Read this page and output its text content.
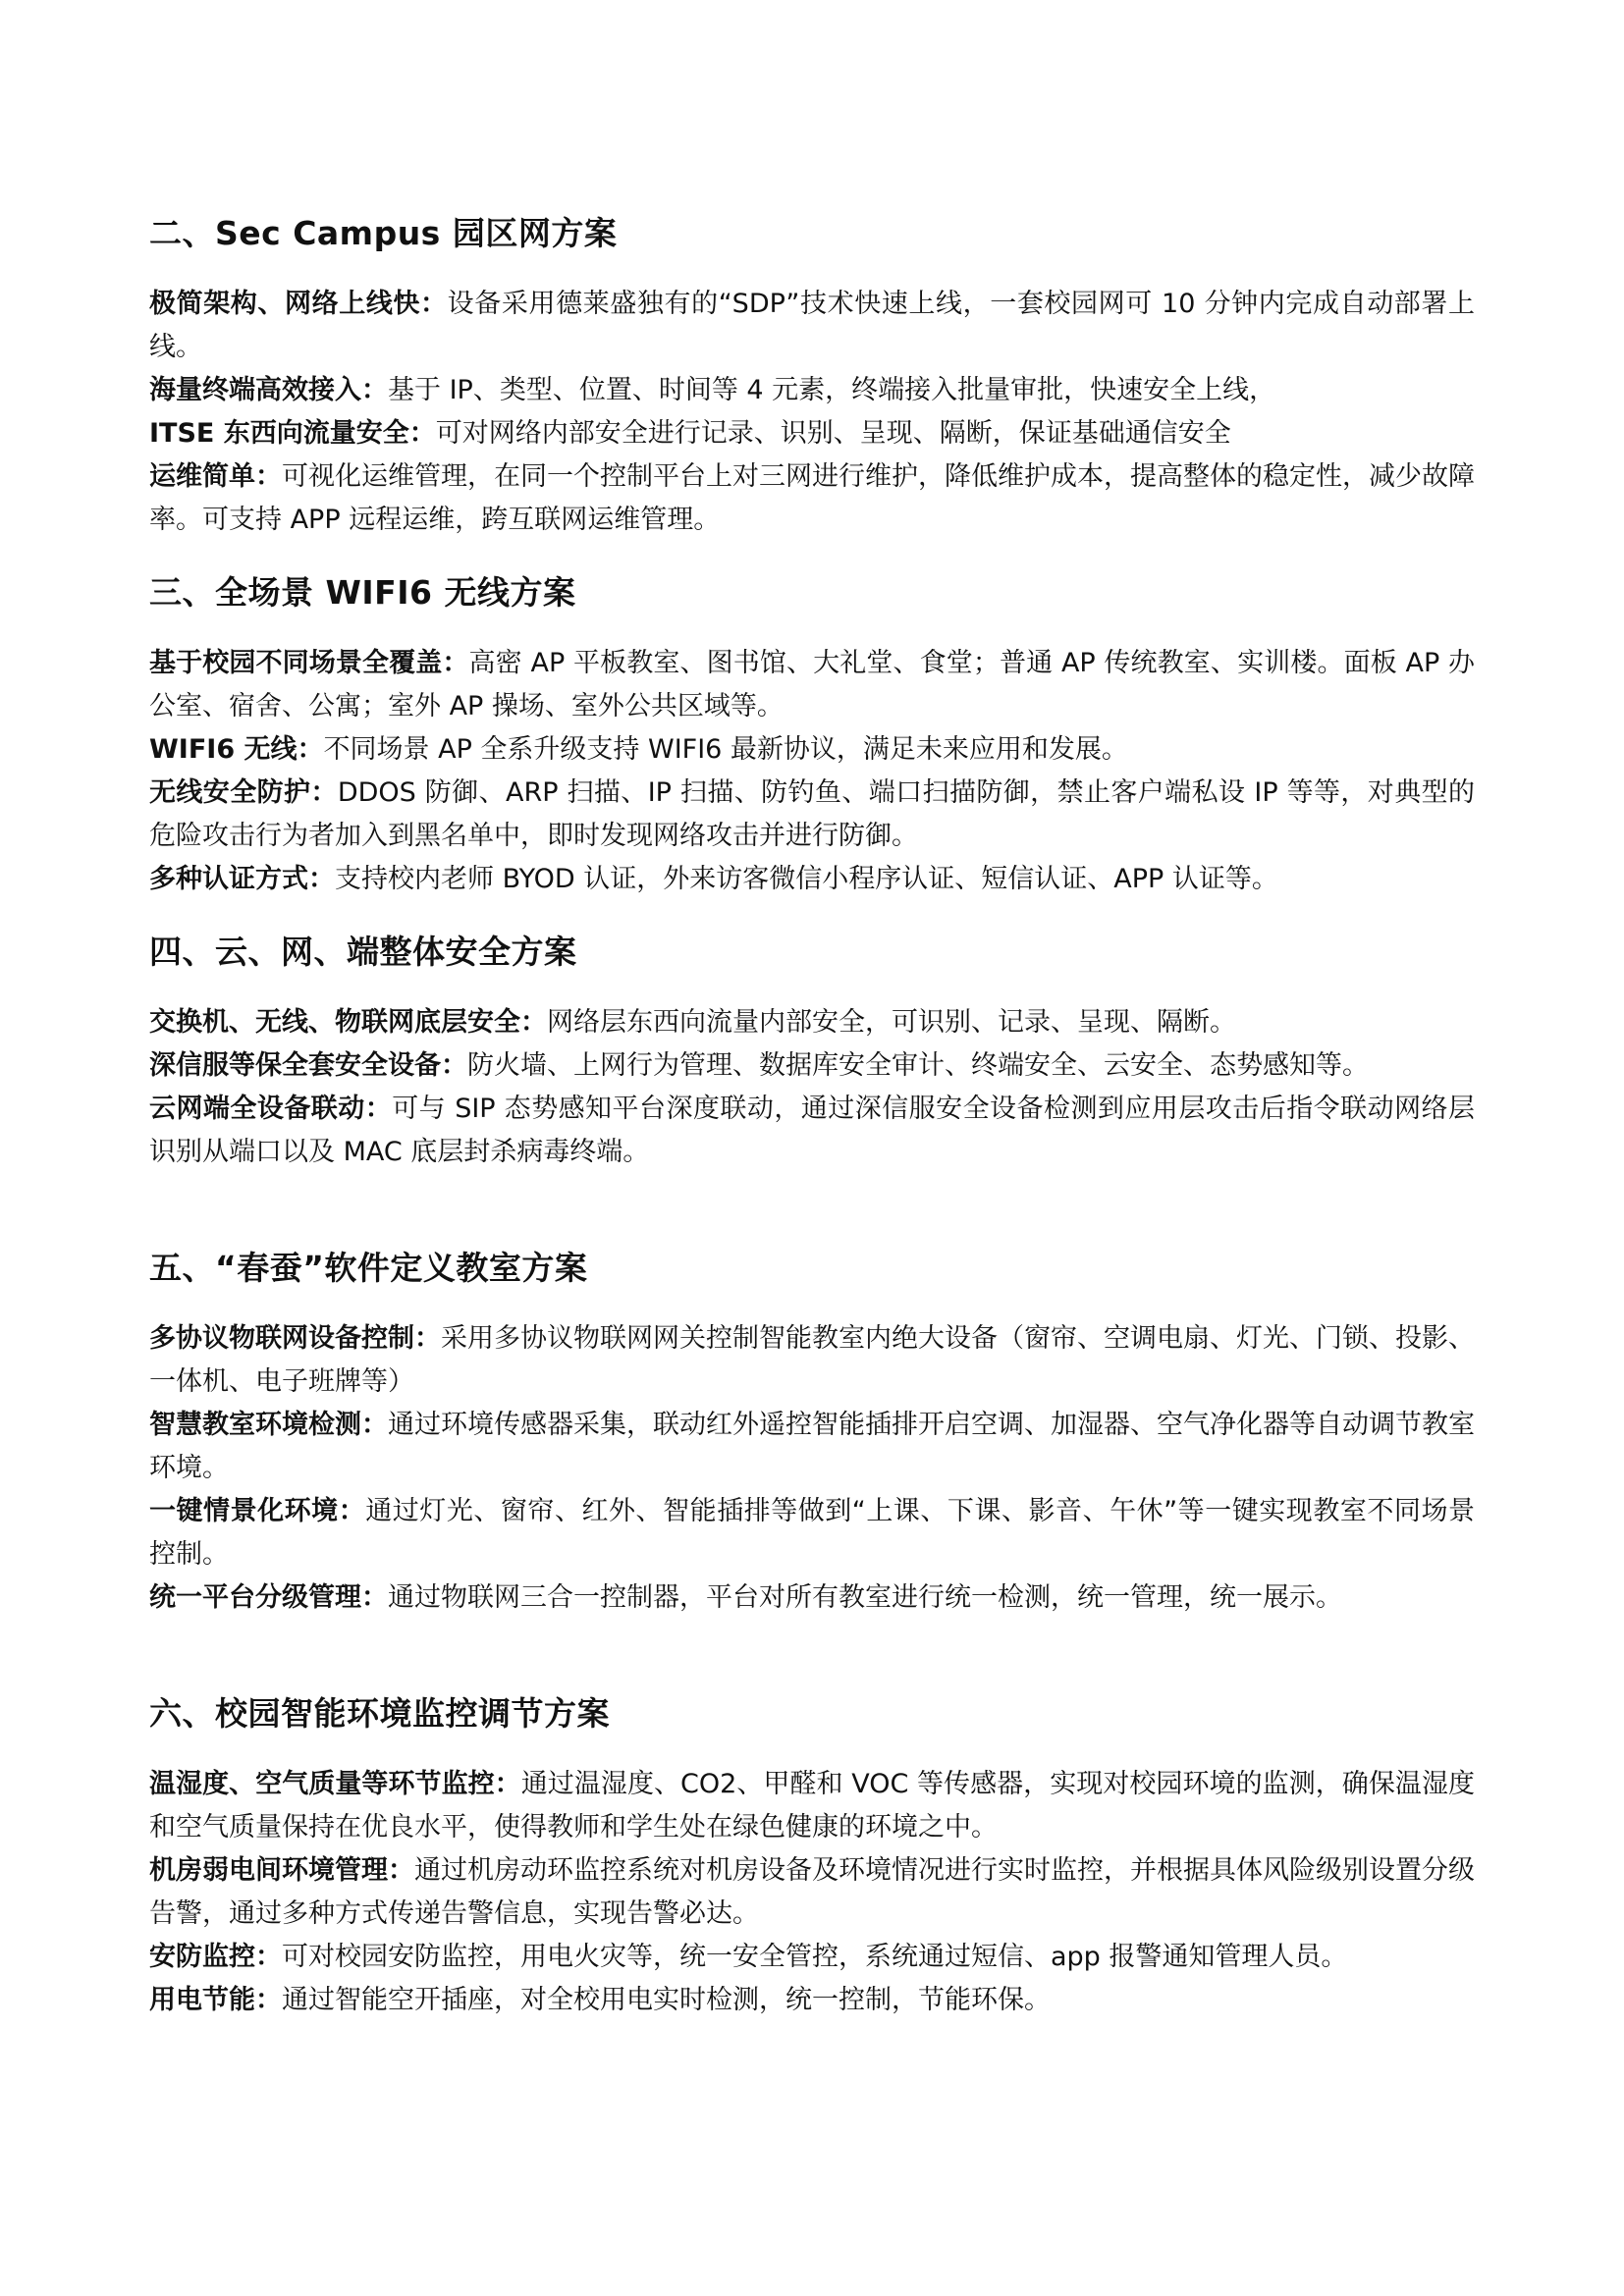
二、Sec Campus 园区网方案

极简架构、网络上线快：设备采用德莱盛独有的“SDP”技术快速上线，一套校园网可 10 分钟内完成自动部署上线。

海量终端高效接入：基于 IP、类型、位置、时间等 4 元素，终端接入批量审批，快速安全上线，

ITSE 东西向流量安全：可对网络内部安全进行记录、识别、呈现、隔断，保证基础通信安全

运维简单：可视化运维管理，在同一个控制平台上对三网进行维护，降低维护成本，提高整体的稳定性，减少故障率。可支持 APP 远程运维，跨互联网运维管理。

三、全场景 WIFI6 无线方案

基于校园不同场景全覆盖：高密 AP 平板教室、图书馆、大礼堂、食堂；普通 AP 传统教室、实训楼。面板 AP 办公室、宿舍、公寓；室外 AP 操场、室外公共区域等。

WIFI6 无线：不同场景 AP 全系升级支持 WIFI6 最新协议，满足未来应用和发展。

无线安全防护：DDOS 防御、ARP 扫描、IP 扫描、防钓鱼、端口扫描防御，禁止客户端私设 IP 等等，对典型的危险攻击行为者加入到黑名单中，即时发现网络攻击并进行防御。

多种认证方式：支持校内老师 BYOD 认证，外来访客微信小程序认证、短信认证、APP 认证等。

四、云、网、端整体安全方案

交换机、无线、物联网底层安全：网络层东西向流量内部安全，可识别、记录、呈现、隔断。

深信服等保全套安全设备：防火墙、上网行为管理、数据库安全审计、终端安全、云安全、态势感知等。

云网端全设备联动：可与 SIP 态势感知平台深度联动，通过深信服安全设备检测到应用层攻击后指令联动网络层识别从端口以及 MAC 底层封杀病毒终端。

五、“春蚕”软件定义教室方案

多协议物联网设备控制：采用多协议物联网网关控制智能教室内绝大设备（窗帘、空调电扇、灯光、门锁、投影、一体机、电子班牌等）

智慧教室环境检测：通过环境传感器采集，联动红外遥控智能插排开启空调、加湿器、空气净化器等自动调节教室环境。

一键情景化环境：通过灯光、窗帘、红外、智能插排等做到“上课、下课、影音、午休”等一键实现教室不同场景控制。

统一平台分级管理：通过物联网三合一控制器，平台对所有教室进行统一检测，统一管理，统一展示。

六、校园智能环境监控调节方案

温湿度、空气质量等环节监控：通过温湿度、CO2、甲醛和 VOC 等传感器，实现对校园环境的监测，确保温湿度和空气质量保持在优良水平，使得教师和学生处在绿色健康的环境之中。

机房弱电间环境管理：通过机房动环监控系统对机房设备及环境情况进行实时监控，并根据具体风险级别设置分级告警，通过多种方式传递告警信息，实现告警必达。

安防监控：可对校园安防监控，用电火灾等，统一安全管控，系统通过短信、app 报警通知管理人员。

用电节能：通过智能空开插座，对全校用电实时检测，统一控制，节能环保。
